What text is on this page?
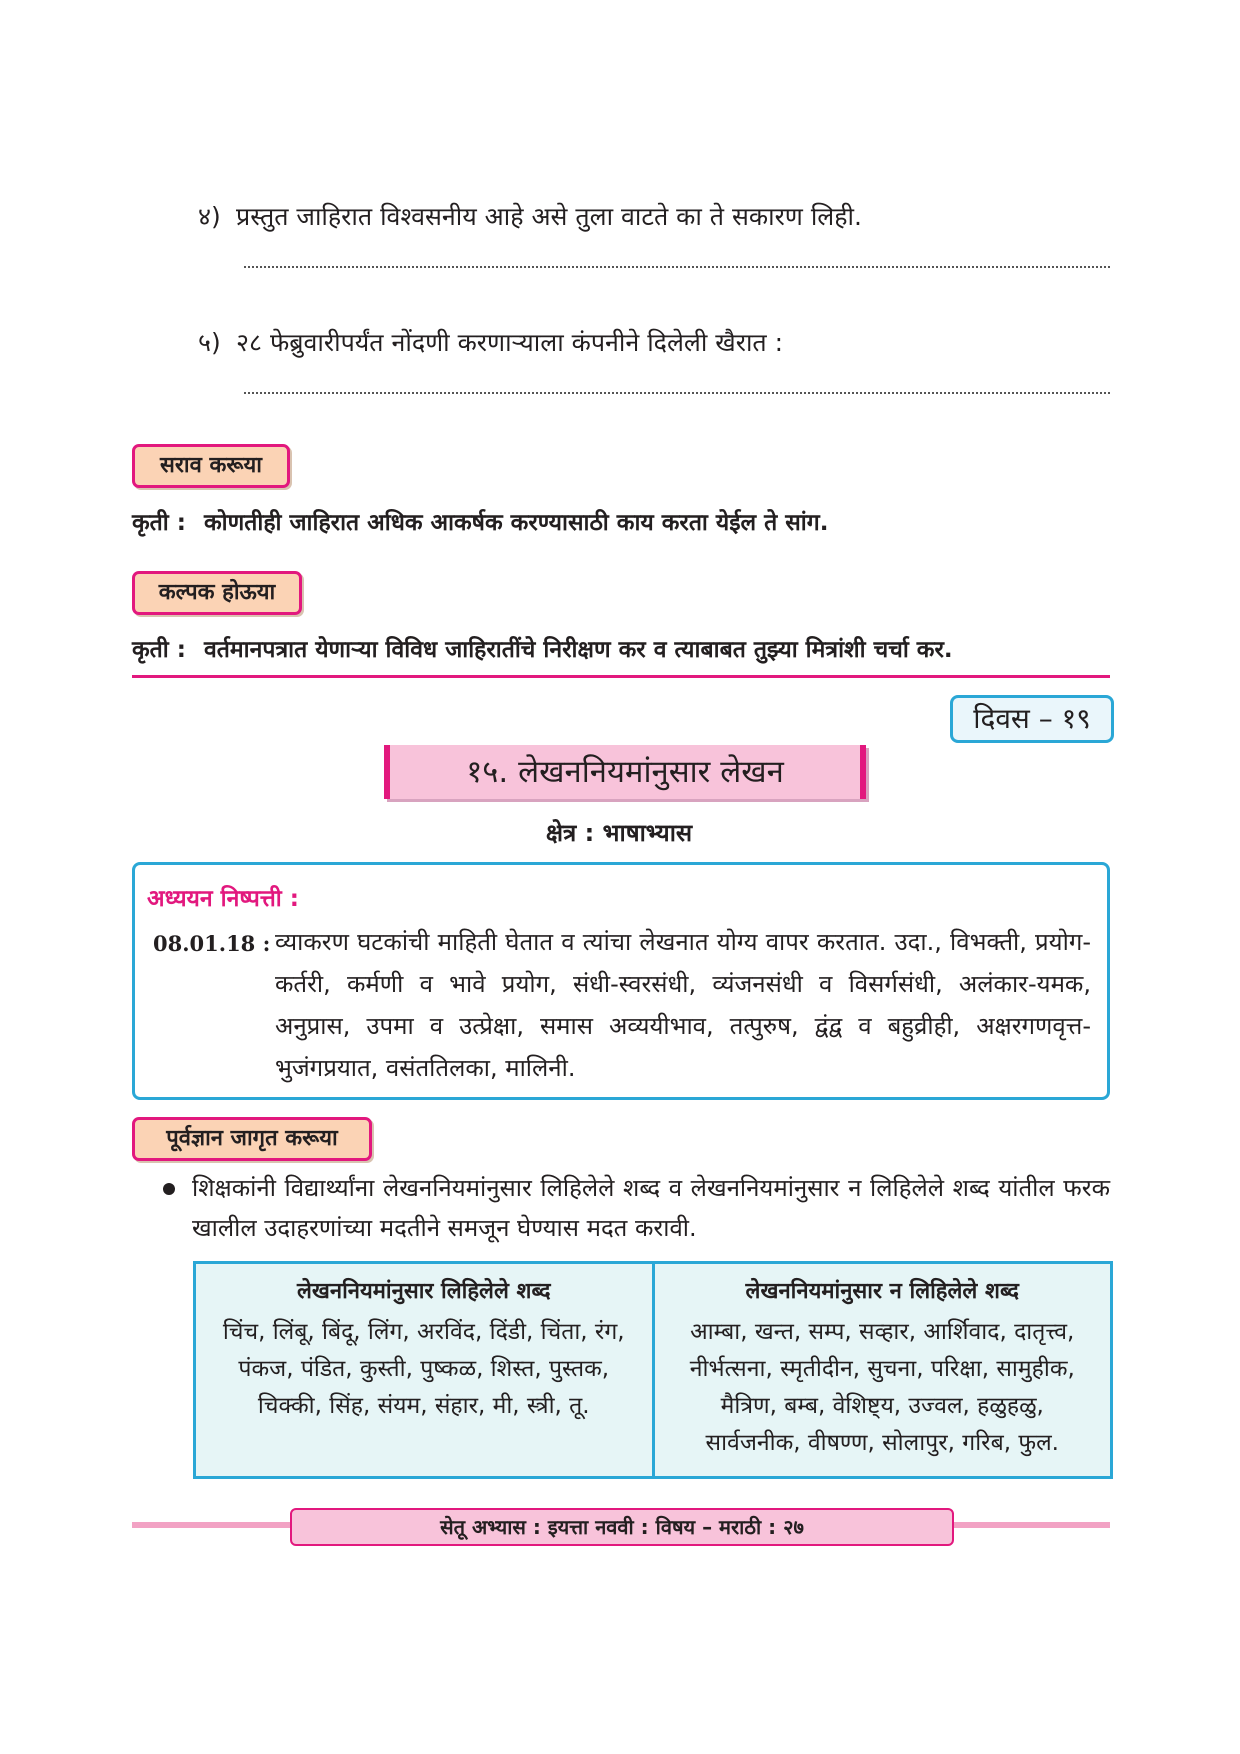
४) प्रस्तुत जाहिरात विश्वसनीय आहे असे तुला वाटते का ते सकारण लिही.
५) २८ फेब्रुवारीपर्यंत नोंदणी करणाऱ्याला कंपनीने दिलेली खैरात :
सराव करूया
कृती : कोणतीही जाहिरात अधिक आकर्षक करण्यासाठी काय करता येईल ते सांग.
कल्पक होऊया
कृती : वर्तमानपत्रात येणाऱ्या विविध जाहिरातींचे निरीक्षण कर व त्याबाबत तुझ्या मित्रांशी चर्चा कर.
दिवस – १९
१५. लेखननियमांनुसार लेखन
क्षेत्र : भाषाभ्यास
अध्ययन निष्पत्ती :
08.01.18 : व्याकरण घटकांची माहिती घेतात व त्यांचा लेखनात योग्य वापर करतात. उदा., विभक्ती, प्रयोग-कर्तरी, कर्मणी व भावे प्रयोग, संधी-स्वरसंधी, व्यंजनसंधी व विसर्गसंधी, अलंकार-यमक, अनुप्रास, उपमा व उत्प्रेक्षा, समास अव्ययीभाव, तत्पुरुष, द्वंद्व व बहुव्रीही, अक्षरगणवृत्त-भुजंगप्रयात, वसंततिलका, मालिनी.
पूर्वज्ञान जागृत करूया
शिक्षकांनी विद्यार्थ्यांना लेखननियमांनुसार लिहिलेले शब्द व लेखननियमांनुसार न लिहिलेले शब्द यांतील फरक खालील उदाहरणांच्या मदतीने समजून घेण्यास मदत करावी.
लेखननियमांनुसार लिहिलेले शब्द
चिंच, लिंबू, बिंदू, लिंग, अरविंद, दिंडी, चिंता, रंग, पंकज, पंडित, कुस्ती, पुष्कळ, शिस्त, पुस्तक, चिक्की, सिंह, संयम, संहार, मी, स्त्री, तू.
लेखननियमांनुसार न लिहिलेले शब्द
आम्बा, खन्त, सम्प, सव्हार, आर्शिवाद, दातृत्त्व, नीर्भत्सना, स्मृतीदीन, सुचना, परिक्षा, सामुहीक, मैत्रिण, बम्ब, वेशिष्ट्य, उज्वल, हळुहळु, सार्वजनीक, वीषण्ण, सोलापुर, गरिब, फुल.
सेतू अभ्यास : इयत्ता नववी : विषय – मराठी : २७
